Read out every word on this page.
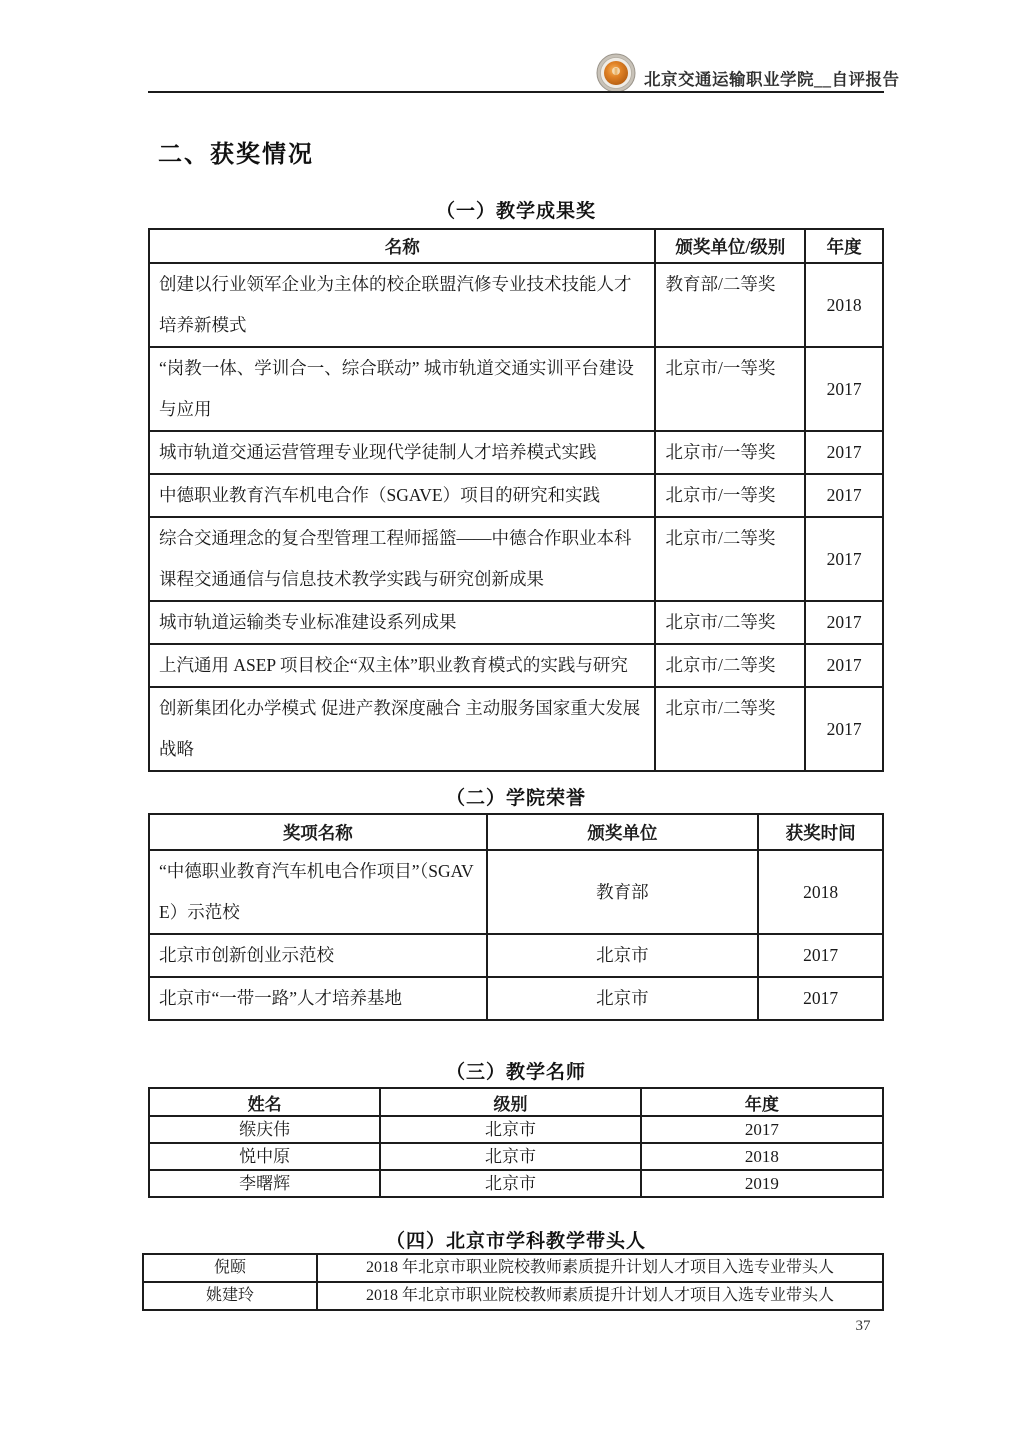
北京交通运输职业学院__自评报告
二、获奖情况
（一）教学成果奖
名称	颁奖单位/级别	年度
创建以行业领军企业为主体的校企联盟汽修专业技术技能人才培养新模式	教育部/二等奖	2018
“岗教一体、学训合一、综合联动” 城市轨道交通实训平台建设与应用	北京市/一等奖	2017
城市轨道交通运营管理专业现代学徒制人才培养模式实践	北京市/一等奖	2017
中德职业教育汽车机电合作（SGAVE）项目的研究和实践	北京市/一等奖	2017
综合交通理念的复合型管理工程师摇篮——中德合作职业本科课程交通通信与信息技术教学实践与研究创新成果	北京市/二等奖	2017
城市轨道运输类专业标准建设系列成果	北京市/二等奖	2017
上汽通用 ASEP 项目校企“双主体”职业教育模式的实践与研究	北京市/二等奖	2017
创新集团化办学模式 促进产教深度融合 主动服务国家重大发展战略	北京市/二等奖	2017
（二）学院荣誉
奖项名称	颁奖单位	获奖时间
“中德职业教育汽车机电合作项目”（SGAVE）示范校	教育部	2018
北京市创新创业示范校	北京市	2017
北京市“一带一路”人才培养基地	北京市	2017
（三）教学名师
姓名	级别	年度
缑庆伟	北京市	2017
悦中原	北京市	2018
李曙辉	北京市	2019
（四）北京市学科教学带头人
倪颐	2018 年北京市职业院校教师素质提升计划人才项目入选专业带头人
姚建玲	2018 年北京市职业院校教师素质提升计划人才项目入选专业带头人
37
